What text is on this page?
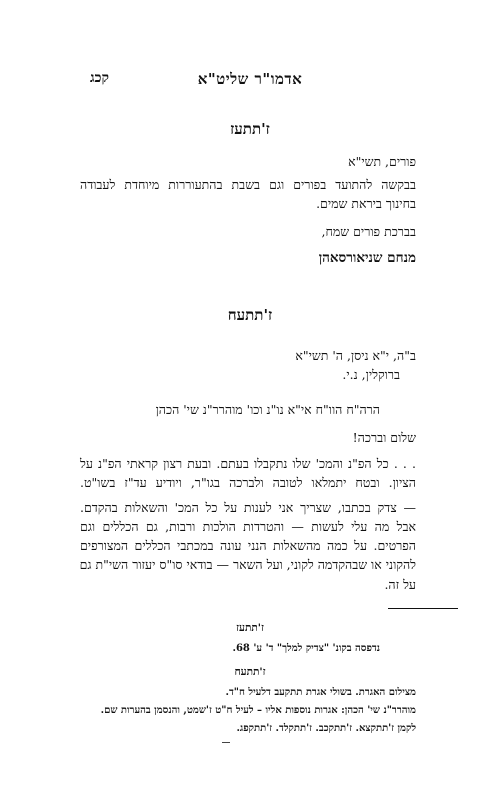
אדמו"ר שליט"א
קכג
ז'תתעז
פורים, תשי"א
בבקשה להתועד בפורים וגם בשבת בהתעוררות מיוחדת לעבודה
בחינוך ביראת שמים.
בברכת פורים שמח,
מנחם שניאורסאהן
ז'תתעח
ב"ה, י"א ניסן, ה' תשי"א
ברוקלין, נ.י.
הרה"ח הוו"ח אי"א נו"נ וכו' מוהרר"נ שי' הכהן
שלום וברכה!
. . . כל הפ"נ והמכ' שלו נתקבלו בעתם. ובעת רצון קראתי הפ"נ על
הציון. ובטח יתמלאו לטובה ולברכה בגו"ר, ויודיע עד"ז בשו"ט.
— צדק בכתבו, שצריך אני לענות על כל המכ' והשאלות בהקדם.
אבל מה עלי לעשות — והטרדות הולכות ורבות, גם הכללים וגם
הפרטים. על כמה מהשאלות הנני עונה במכתבי הכללים המצורפים
להקוני או שבהקדמה לקוני, ועל השאר — בודאי סו"ס יעזור השי"ת גם
על זה.
ז'תתעז
נדפסה בקונ' "צדיק למלך" ד' ע' 68.
ז'תתעח
מצילום האגרת. בשולי אגרת תתקעב דלעיל ח"ד.
מוהרר"נ שי' הכהן: אגרות נוספות אליו – לעיל ח"ט ז'שמט, והנסמן בהערות שם.
לקמן ז'תתקצא. ז'תתקכב. ז'תתקלד. ז'תתקפג.
